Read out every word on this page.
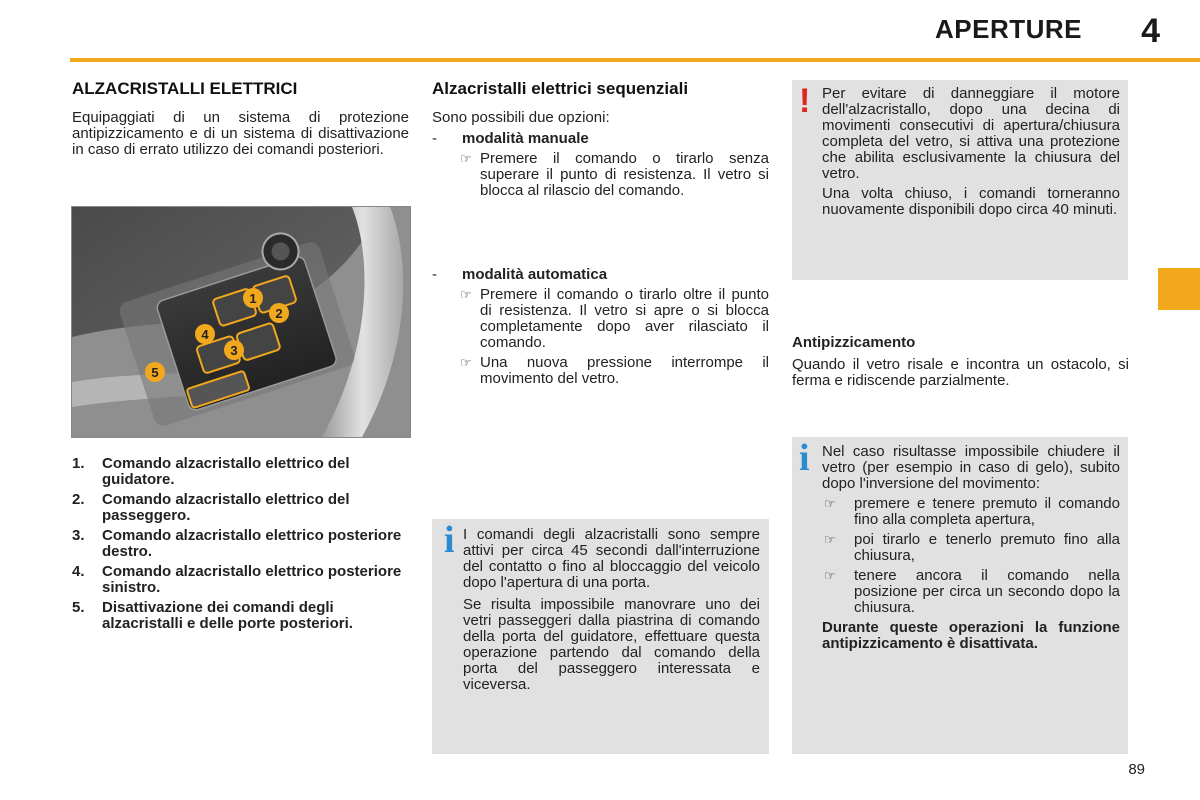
APERTURE 4
ALZACRISTALLI ELETTRICI

Equipaggiati di un sistema di protezione antipizzicamento e di un sistema di disattivazione in caso di errato utilizzo dei comandi posteriori.

1
2
3
4
5
1. Comando alzacristallo elettrico del guidatore.
2. Comando alzacristallo elettrico del passeggero.
3. Comando alzacristallo elettrico posteriore destro.
4. Comando alzacristallo elettrico posteriore sinistro.
5. Disattivazione dei comandi degli alzacristalli e delle porte posteriori.
Alzacristalli elettrici sequenziali

Sono possibili due opzioni:

- modalità manuale
☞ Premere il comando o tirarlo senza superare il punto di resistenza. Il vetro si blocca al rilascio del comando.
- modalità automatica
☞ Premere il comando o tirarlo oltre il punto di resistenza. Il vetro si apre o si blocca completamente dopo aver rilasciato il comando.
☞ Una nuova pressione interrompe il movimento del vetro.
i I comandi degli alzacristalli sono sempre attivi per circa 45 secondi dall'interruzione del contatto o fino al bloccaggio del veicolo dopo l'apertura di una porta.

Se risulta impossibile manovrare uno dei vetri passeggeri dalla piastrina di comando della porta del guidatore, effettuare questa operazione partendo dal comando della porta del passeggero interessata e viceversa.

! Per evitare di danneggiare il motore dell'alzacristallo, dopo una decina di movimenti consecutivi di apertura/chiusura completa del vetro, si attiva una protezione che abilita esclusivamente la chiusura del vetro.

Una volta chiuso, i comandi torneranno nuovamente disponibili dopo circa 40 minuti.

Antipizzicamento

Quando il vetro risale e incontra un ostacolo, si ferma e ridiscende parzialmente.

i Nel caso risultasse impossibile chiudere il vetro (per esempio in caso di gelo), subito dopo l'inversione del movimento:

☞ premere e tenere premuto il comando fino alla completa apertura,
☞ poi tirarlo e tenerlo premuto fino alla chiusura,
☞ tenere ancora il comando nella posizione per circa un secondo dopo la chiusura.

Durante queste operazioni la funzione antipizzicamento è disattivata.

89
